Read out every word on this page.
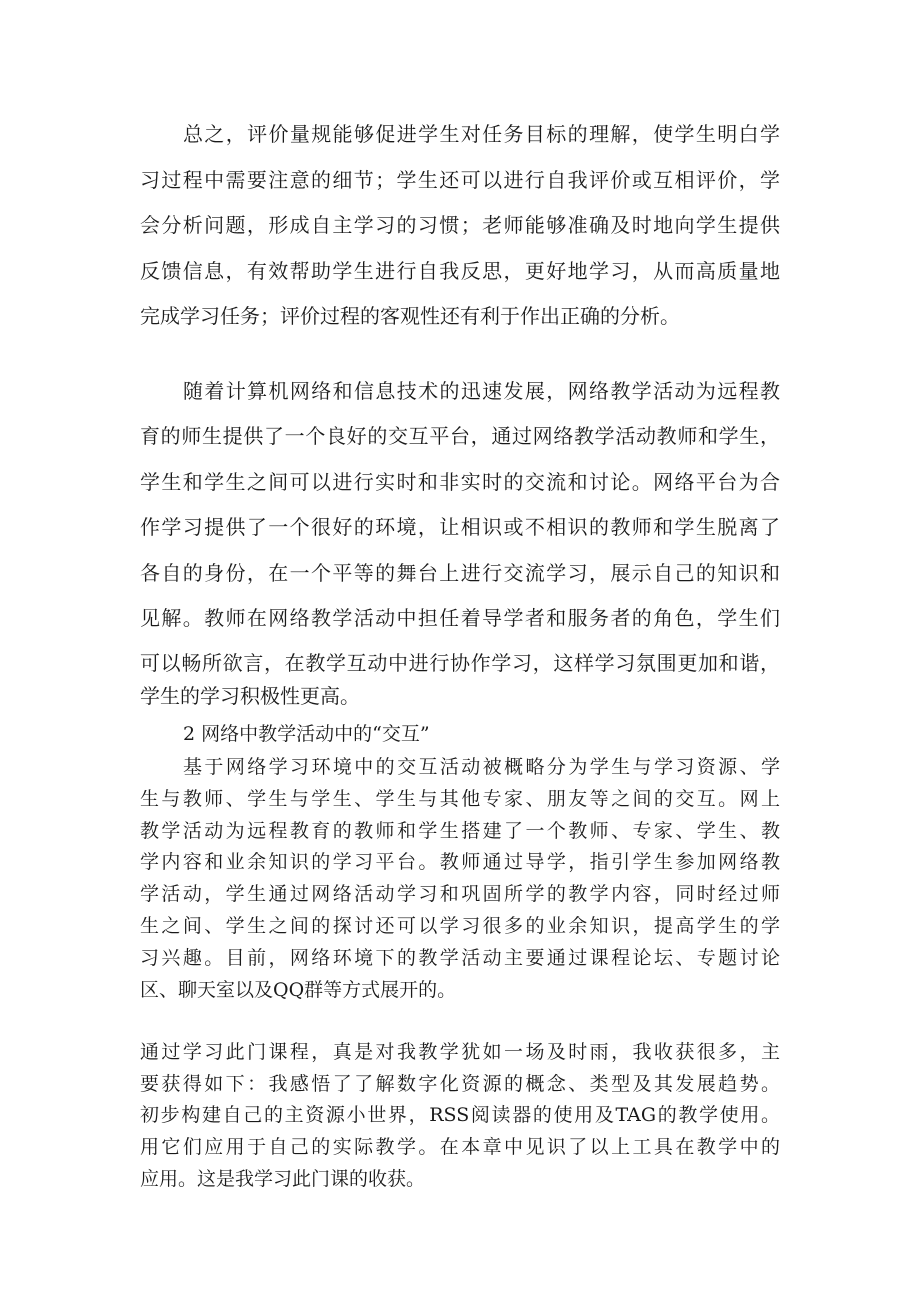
总之，评价量规能够促进学生对任务目标的理解，使学生明白学

习过程中需要注意的细节；学生还可以进行自我评价或互相评价，学

会分析问题，形成自主学习的习惯；老师能够准确及时地向学生提供

反馈信息，有效帮助学生进行自我反思，更好地学习，从而高质量地

完成学习任务；评价过程的客观性还有利于作出正确的分析。

随着计算机网络和信息技术的迅速发展，网络教学活动为远程教

育的师生提供了一个良好的交互平台，通过网络教学活动教师和学生，

学生和学生之间可以进行实时和非实时的交流和讨论。网络平台为合

作学习提供了一个很好的环境，让相识或不相识的教师和学生脱离了

各自的身份，在一个平等的舞台上进行交流学习，展示自己的知识和

见解。教师在网络教学活动中担任着导学者和服务者的角色，学生们

可以畅所欲言，在教学互动中进行协作学习，这样学习氛围更加和谐，

学生的学习积极性更高。

2 网络中教学活动中的“交互”

基于网络学习环境中的交互活动被概略分为学生与学习资源、学

生与教师、学生与学生、学生与其他专家、朋友等之间的交互。网上

教学活动为远程教育的教师和学生搭建了一个教师、专家、学生、教

学内容和业余知识的学习平台。教师通过导学，指引学生参加网络教

学活动，学生通过网络活动学习和巩固所学的教学内容，同时经过师

生之间、学生之间的探讨还可以学习很多的业余知识，提高学生的学

习兴趣。目前，网络环境下的教学活动主要通过课程论坛、专题讨论

区、聊天室以及QQ群等方式展开的。

通过学习此门课程，真是对我教学犹如一场及时雨，我收获很多，主

要获得如下：我感悟了了解数字化资源的概念、类型及其发展趋势。

初步构建自己的主资源小世界，RSS阅读器的使用及TAG的教学使用。

用它们应用于自己的实际教学。在本章中见识了以上工具在教学中的

应用。这是我学习此门课的收获。
